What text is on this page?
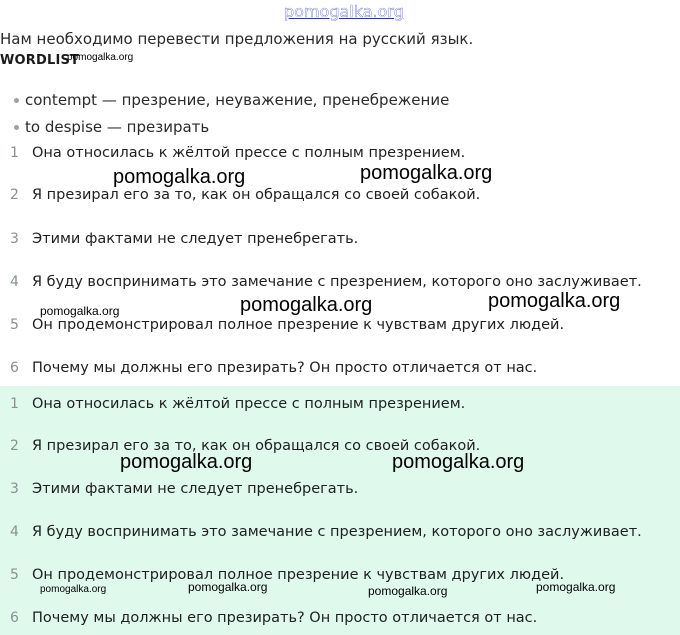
pomogalka.org
Нам необходимо перевести предложения на русский язык.
WORDLIST
pomogalka.org
contempt — презрение, неуважение, пренебрежение
to despise — презирать
1 Она относилась к жёлтой прессе с полным презрением.
2 Я презирал его за то, как он обращался со своей собакой.
3 Этими фактами не следует пренебрегать.
4 Я буду воспринимать это замечание с презрением, которого оно заслуживает.
5 Он продемонстрировал полное презрение к чувствам других людей.
6 Почему мы должны его презирать? Он просто отличается от нас.
1 Она относилась к жёлтой прессе с полным презрением.
2 Я презирал его за то, как он обращался со своей собакой.
3 Этими фактами не следует пренебрегать.
4 Я буду воспринимать это замечание с презрением, которого оно заслуживает.
5 Он продемонстрировал полное презрение к чувствам других людей.
6 Почему мы должны его презирать? Он просто отличается от нас.
pomogalka.org	pomogalka.org
pomogalka.org	pomogalka.org	pomogalka.org
pomogalka.org	pomogalka.org
pomogalka.org	pomogalka.org	pomogalka.org	pomogalka.org
